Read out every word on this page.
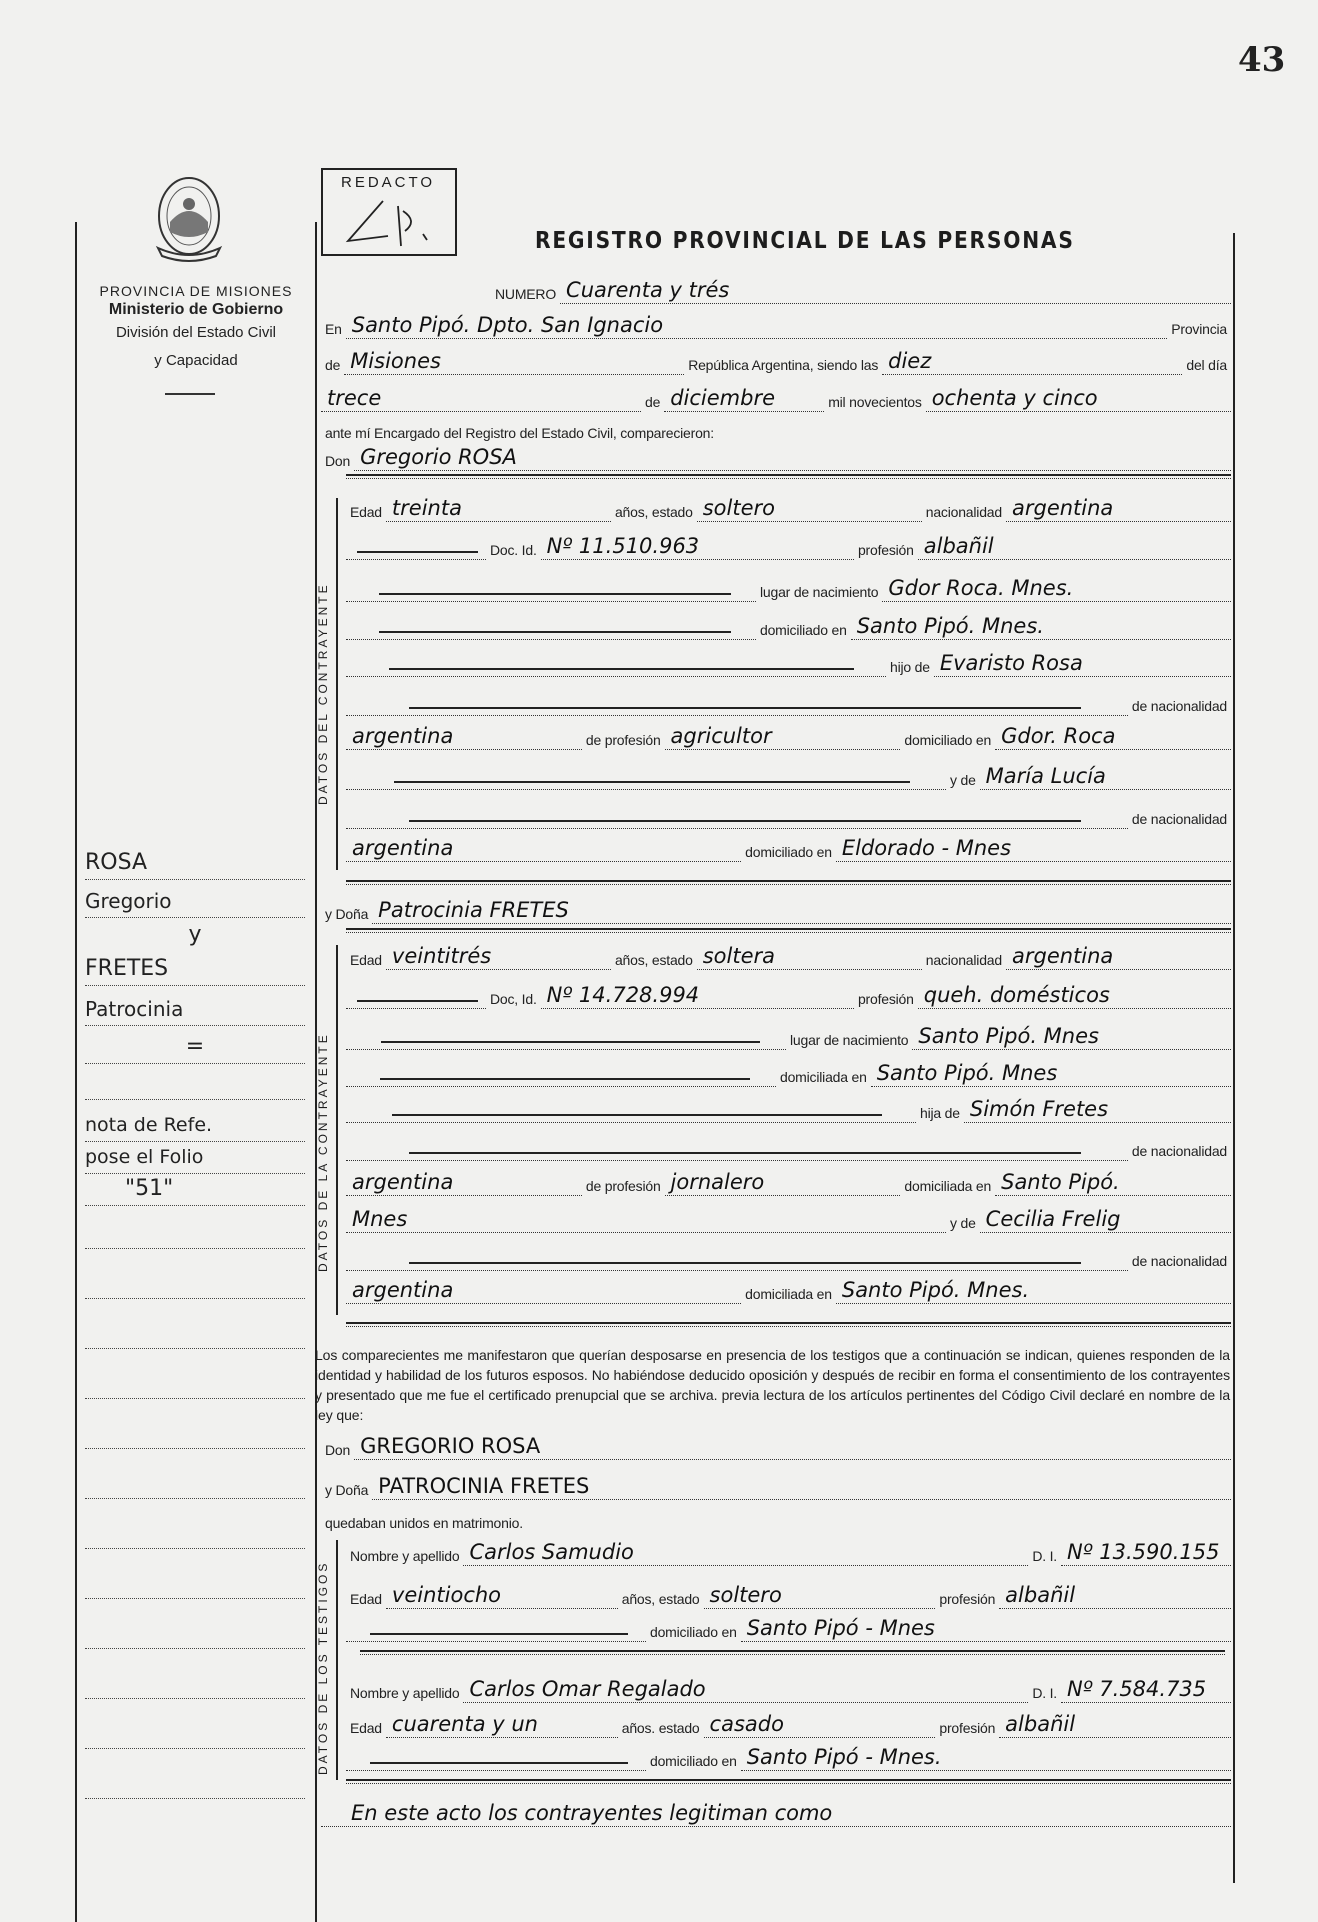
43
PROVINCIA DE MISIONES
Ministerio de Gobierno
División del Estado Civil
y Capacidad
ROSA
Gregorio
y
FRETES
Patrocinia
=
nota de Refe.
pose el Folio
"51"
REDACTO
REGISTRO PROVINCIAL DE LAS PERSONAS
NUMERO Cuarenta y trés
En Santo Pipó. Dpto. San Ignacio	Provincia
de Misiones	República Argentina, siendo las diez	del día
trece	de diciembre	mil novecientos ochenta y cinco
ante mí Encargado del Registro del Estado Civil, comparecieron:
Don Gregorio ROSA
DATOS DEL CONTRAYENTE
Edad treinta	años, estado soltero	nacionalidad argentina
Doc. Id. Nº 11.510.963	profesión albañil
lugar de nacimiento Gdor Roca. Mnes.
domiciliado en Santo Pipó. Mnes.
hijo de Evaristo Rosa
de nacionalidad
argentina	de profesión agricultor	domiciliado en Gdor. Roca
y de María Lucía
de nacionalidad
argentina	domiciliado en Eldorado - Mnes
y Doña Patrocinia FRETES
DATOS DE LA CONTRAYENTE
Edad veintitrés	años, estado soltera	nacionalidad argentina
Doc, Id. Nº 14.728.994	profesión queh. domésticos
lugar de nacimiento Santo Pipó. Mnes
domiciliada en Santo Pipó. Mnes
hija de Simón Fretes
de nacionalidad
argentina	de profesión jornalero	domiciliada en Santo Pipó.
Mnes	y de Cecilia Frelig
de nacionalidad
argentina	domiciliada en Santo Pipó. Mnes.
Los comparecientes me manifestaron que querían desposarse en presencia de los testigos que a continuación se indican, quienes responden de la identidad y habilidad de los futuros esposos. No habiéndose deducido oposición y después de recibir en forma el consentimiento de los contrayentes y presentado que me fue el certificado prenupcial que se archiva. previa lectura de los artículos pertinentes del Código Civil declaré en nombre de la ley que:
Don GREGORIO ROSA
y Doña PATROCINIA FRETES
quedaban unidos en matrimonio.
DATOS DE LOS TESTIGOS
Nombre y apellido Carlos Samudio	D. I. Nº 13.590.155
Edad veintiocho	años, estado soltero	profesión albañil
domiciliado en Santo Pipó - Mnes
Nombre y apellido Carlos Omar Regalado	D. I. Nº 7.584.735
Edad cuarenta y un	años. estado casado	profesión albañil
domiciliado en Santo Pipó - Mnes.
En este acto los contrayentes legitiman como
